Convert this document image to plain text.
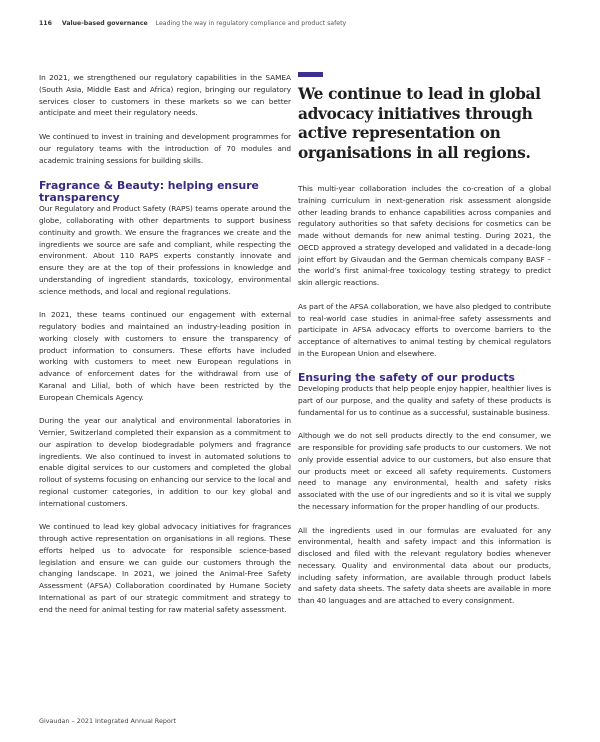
116 Value-based governance Leading the way in regulatory compliance and product safety

In 2021, we strengthened our regulatory capabilities in the SAMEA (South Asia, Middle East and Africa) region, bringing our regulatory services closer to customers in these markets so we can better anticipate and meet their regulatory needs.

We continued to invest in training and development programmes for our regulatory teams with the introduction of 70 modules and academic training sessions for building skills.

Fragrance & Beauty: helping ensure transparency

Our Regulatory and Product Safety (RAPS) teams operate around the globe, collaborating with other departments to support business continuity and growth. We ensure the fragrances we create and the ingredients we source are safe and compliant, while respecting the environment. About 110 RAPS experts constantly innovate and ensure they are at the top of their professions in knowledge and understanding of ingredient standards, toxicology, environmental science methods, and local and regional regulations.

In 2021, these teams continued our engagement with external regulatory bodies and maintained an industry-leading position in working closely with customers to ensure the transparency of product information to consumers. These efforts have included working with customers to meet new European regulations in advance of enforcement dates for the withdrawal from use of Karanal and Lilial, both of which have been restricted by the European Chemicals Agency.

During the year our analytical and environmental laboratories in Vernier, Switzerland completed their expansion as a commitment to our aspiration to develop biodegradable polymers and fragrance ingredients. We also continued to invest in automated solutions to enable digital services to our customers and completed the global rollout of systems focusing on enhancing our service to the local and regional customer categories, in addition to our key global and international customers.

We continued to lead key global advocacy initiatives for fragrances through active representation on organisations in all regions. These efforts helped us to advocate for responsible science-based legislation and ensure we can guide our customers through the changing landscape. In 2021, we joined the Animal-Free Safety Assessment (AFSA) Collaboration coordinated by Humane Society International as part of our strategic commitment and strategy to end the need for animal testing for raw material safety assessment.

We continue to lead in global advocacy initiatives through active representation on organisations in all regions.

This multi-year collaboration includes the co-creation of a global training curriculum in next-generation risk assessment alongside other leading brands to enhance capabilities across companies and regulatory authorities so that safety decisions for cosmetics can be made without demands for new animal testing. During 2021, the OECD approved a strategy developed and validated in a decade-long joint effort by Givaudan and the German chemicals company BASF – the world’s first animal-free toxicology testing strategy to predict skin allergic reactions.

As part of the AFSA collaboration, we have also pledged to contribute to real-world case studies in animal-free safety assessments and participate in AFSA advocacy efforts to overcome barriers to the acceptance of alternatives to animal testing by chemical regulators in the European Union and elsewhere.

Ensuring the safety of our products

Developing products that help people enjoy happier, healthier lives is part of our purpose, and the quality and safety of these products is fundamental for us to continue as a successful, sustainable business.

Although we do not sell products directly to the end consumer, we are responsible for providing safe products to our customers. We not only provide essential advice to our customers, but also ensure that our products meet or exceed all safety requirements. Customers need to manage any environmental, health and safety risks associated with the use of our ingredients and so it is vital we supply the necessary information for the proper handling of our products.

All the ingredients used in our formulas are evaluated for any environmental, health and safety impact and this information is disclosed and filed with the relevant regulatory bodies whenever necessary. Quality and environmental data about our products, including safety information, are available through product labels and safety data sheets. The safety data sheets are available in more than 40 languages and are attached to every consignment.

Givaudan – 2021 Integrated Annual Report
